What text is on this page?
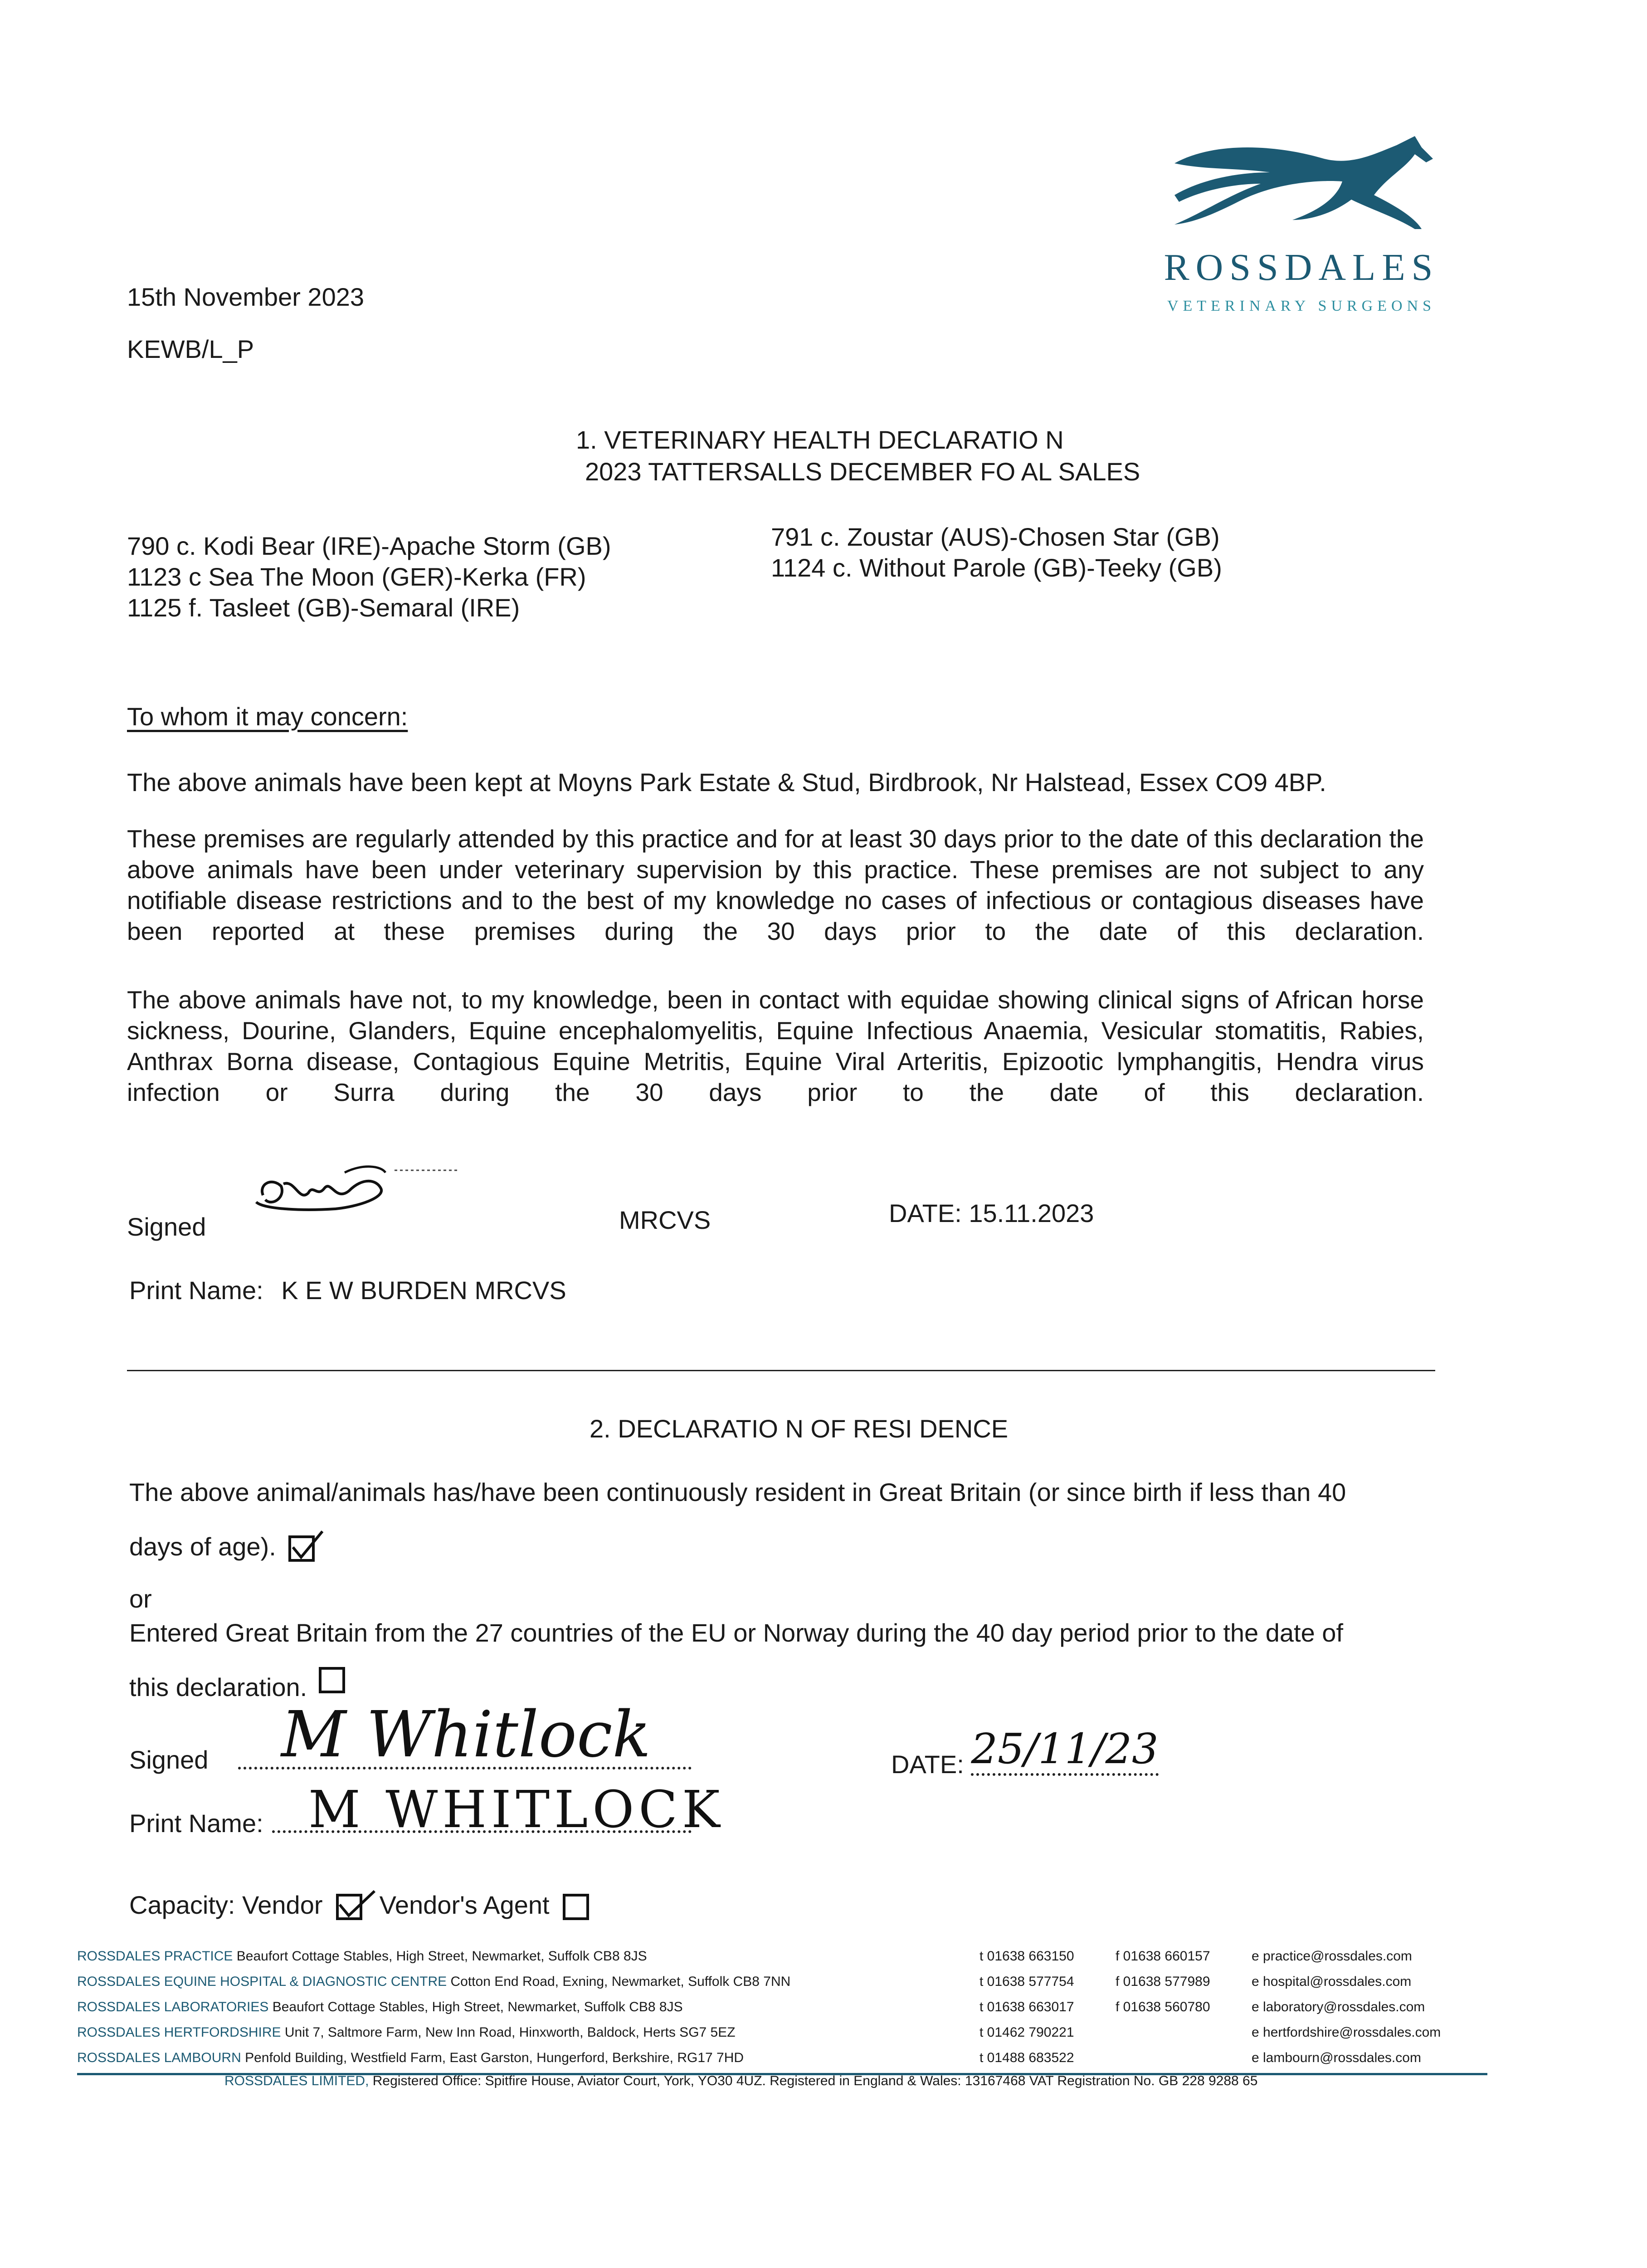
ROSSDALES
VETERINARY SURGEONS
15th November 2023
KEWB/L_P
1. VETERINARY HEALTH DECLARATIO N
2023 TATTERSALLS DECEMBER FO AL SALES
790 c. Kodi Bear (IRE)-Apache Storm (GB)
1123 c Sea The Moon (GER)-Kerka (FR)
1125 f. Tasleet (GB)-Semaral (IRE)
791 c. Zoustar (AUS)-Chosen Star (GB)
1124 c. Without Parole (GB)-Teeky (GB)
To whom it may concern:
The above animals have been kept at Moyns Park Estate & Stud, Birdbrook, Nr Halstead, Essex CO9 4BP.
These premises are regularly attended by this practice and for at least 30 days prior to the date of this declaration the above animals have been under veterinary supervision by this practice. These premises are not subject to any notifiable disease restrictions and to the best of my knowledge no cases of infectious or contagious diseases have been reported at these premises during the 30 days prior to the date of this declaration.
The above animals have not, to my knowledge, been in contact with equidae showing clinical signs of African horse sickness, Dourine, Glanders, Equine encephalomyelitis, Equine Infectious Anaemia, Vesicular stomatitis, Rabies, Anthrax Borna disease, Contagious Equine Metritis, Equine Viral Arteritis, Epizootic lymphangitis, Hendra virus infection or Surra during the 30 days prior to the date of this declaration.
Signed	MRCVS	DATE: 15.11.2023
Print Name: K E W BURDEN MRCVS
2. DECLARATIO N OF RESI DENCE
The above animal/animals has/have been continuously resident in Great Britain (or since birth if less than 40
days of age).
or
Entered Great Britain from the 27 countries of the EU or Norway during the 40 day period prior to the date of
this declaration.
Signed M Whitlock	DATE: 25/11/23
Print Name: M WHITLOCK
Capacity: Vendor Vendor's Agent
ROSSDALES PRACTICE Beaufort Cottage Stables, High Street, Newmarket, Suffolk CB8 8JS	t 01638 663150	f 01638 660157	e practice@rossdales.com
ROSSDALES EQUINE HOSPITAL & DIAGNOSTIC CENTRE Cotton End Road, Exning, Newmarket, Suffolk CB8 7NN	t 01638 577754	f 01638 577989	e hospital@rossdales.com
ROSSDALES LABORATORIES Beaufort Cottage Stables, High Street, Newmarket, Suffolk CB8 8JS	t 01638 663017	f 01638 560780	e laboratory@rossdales.com
ROSSDALES HERTFORDSHIRE Unit 7, Saltmore Farm, New Inn Road, Hinxworth, Baldock, Herts SG7 5EZ	t 01462 790221	e hertfordshire@rossdales.com
ROSSDALES LAMBOURN Penfold Building, Westfield Farm, East Garston, Hungerford, Berkshire, RG17 7HD	t 01488 683522	e lambourn@rossdales.com
ROSSDALES LIMITED, Registered Office: Spitfire House, Aviator Court, York, YO30 4UZ. Registered in England & Wales: 13167468 VAT Registration No. GB 228 9288 65
